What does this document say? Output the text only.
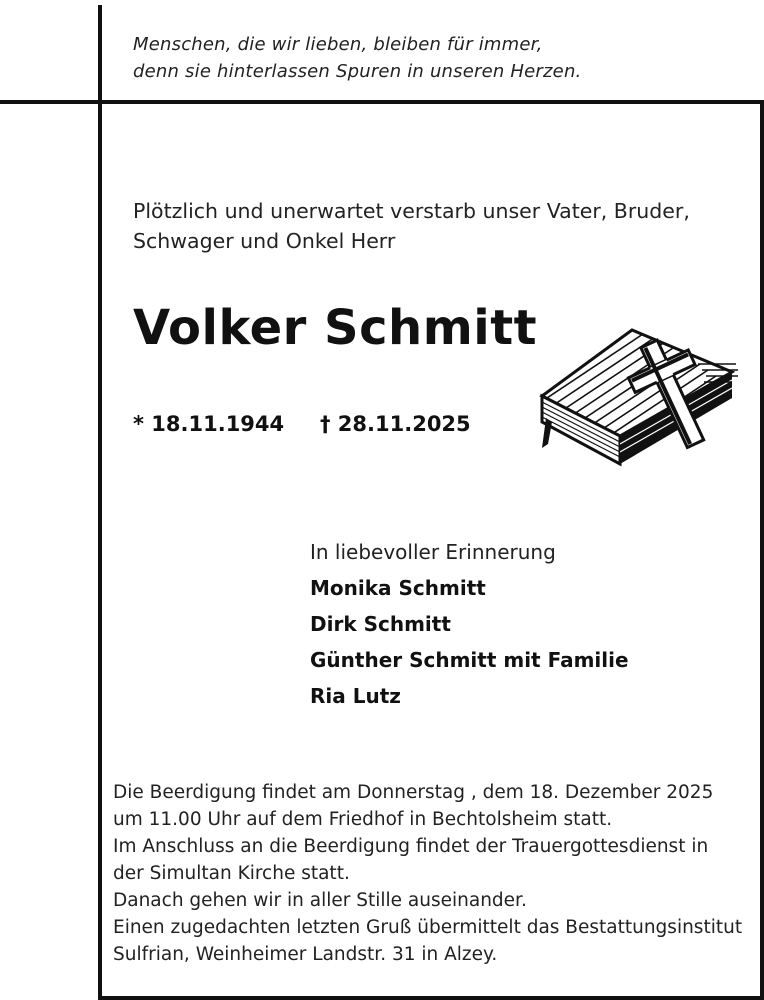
Menschen, die wir lieben, bleiben für immer,
denn sie hinterlassen Spuren in unseren Herzen.
Plötzlich und unerwartet verstarb unser Vater, Bruder,
Schwager und Onkel Herr
Volker Schmitt
* 18.11.1944 † 28.11.2025
In liebevoller Erinnerung
Monika Schmitt
Dirk Schmitt
Günther Schmitt mit Familie
Ria Lutz
Die Beerdigung findet am Donnerstag , dem 18. Dezember 2025
um 11.00 Uhr auf dem Friedhof in Bechtolsheim statt.
Im Anschluss an die Beerdigung findet der Trauergottesdienst in
der Simultan Kirche statt.
Danach gehen wir in aller Stille auseinander.
Einen zugedachten letzten Gruß übermittelt das Bestattungsinstitut
Sulfrian, Weinheimer Landstr. 31 in Alzey.
